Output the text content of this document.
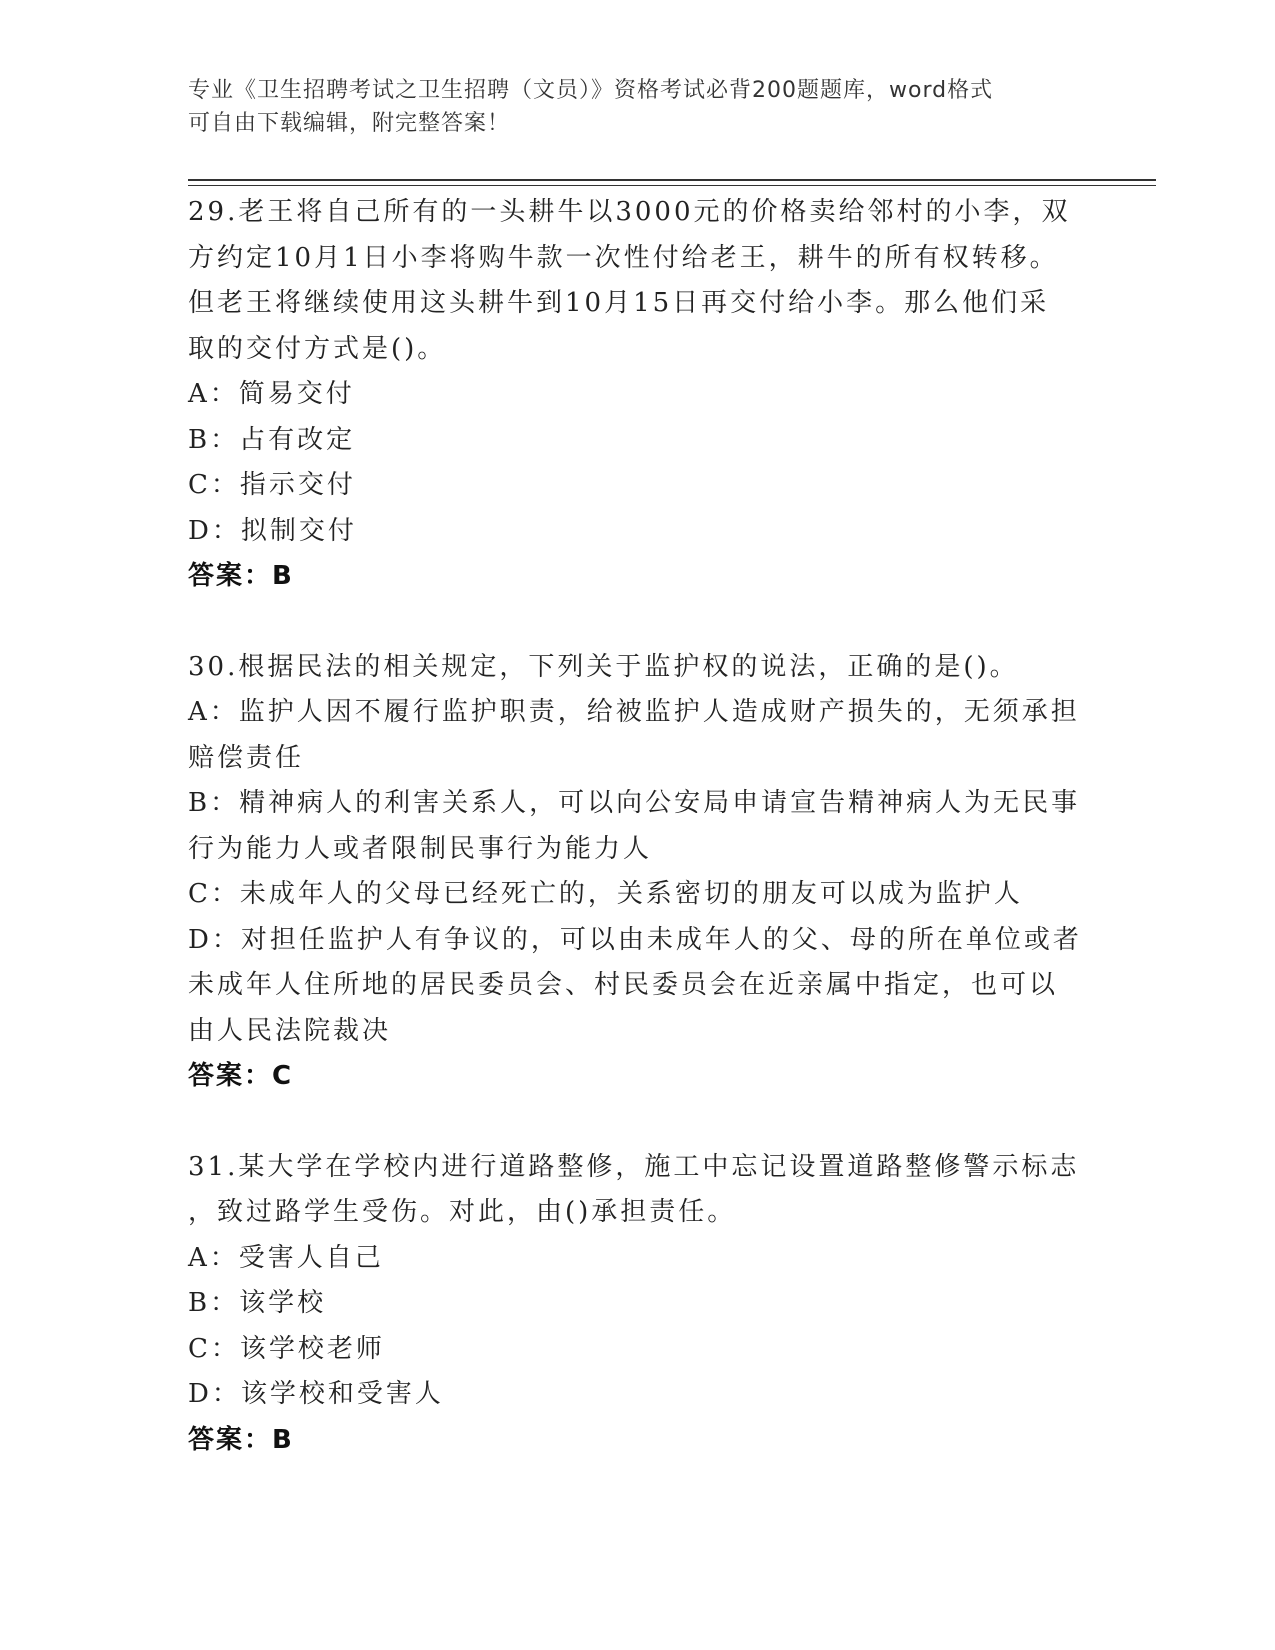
专业《卫生招聘考试之卫生招聘（文员）》资格考试必背200题题库，word格式
可自由下载编辑，附完整答案！
29.老王将自己所有的一头耕牛以3000元的价格卖给邻村的小李，双
方约定10月1日小李将购牛款一次性付给老王，耕牛的所有权转移。
但老王将继续使用这头耕牛到10月15日再交付给小李。那么他们采
取的交付方式是()。
A：简易交付
B：占有改定
C：指示交付
D：拟制交付
答案：B
30.根据民法的相关规定，下列关于监护权的说法，正确的是()。
A：监护人因不履行监护职责，给被监护人造成财产损失的，无须承担
赔偿责任
B：精神病人的利害关系人，可以向公安局申请宣告精神病人为无民事
行为能力人或者限制民事行为能力人
C：未成年人的父母已经死亡的，关系密切的朋友可以成为监护人
D：对担任监护人有争议的，可以由未成年人的父、母的所在单位或者
未成年人住所地的居民委员会、村民委员会在近亲属中指定，也可以
由人民法院裁决
答案：C
31.某大学在学校内进行道路整修，施工中忘记设置道路整修警示标志
，致过路学生受伤。对此，由()承担责任。
A：受害人自己
B：该学校
C：该学校老师
D：该学校和受害人
答案：B
